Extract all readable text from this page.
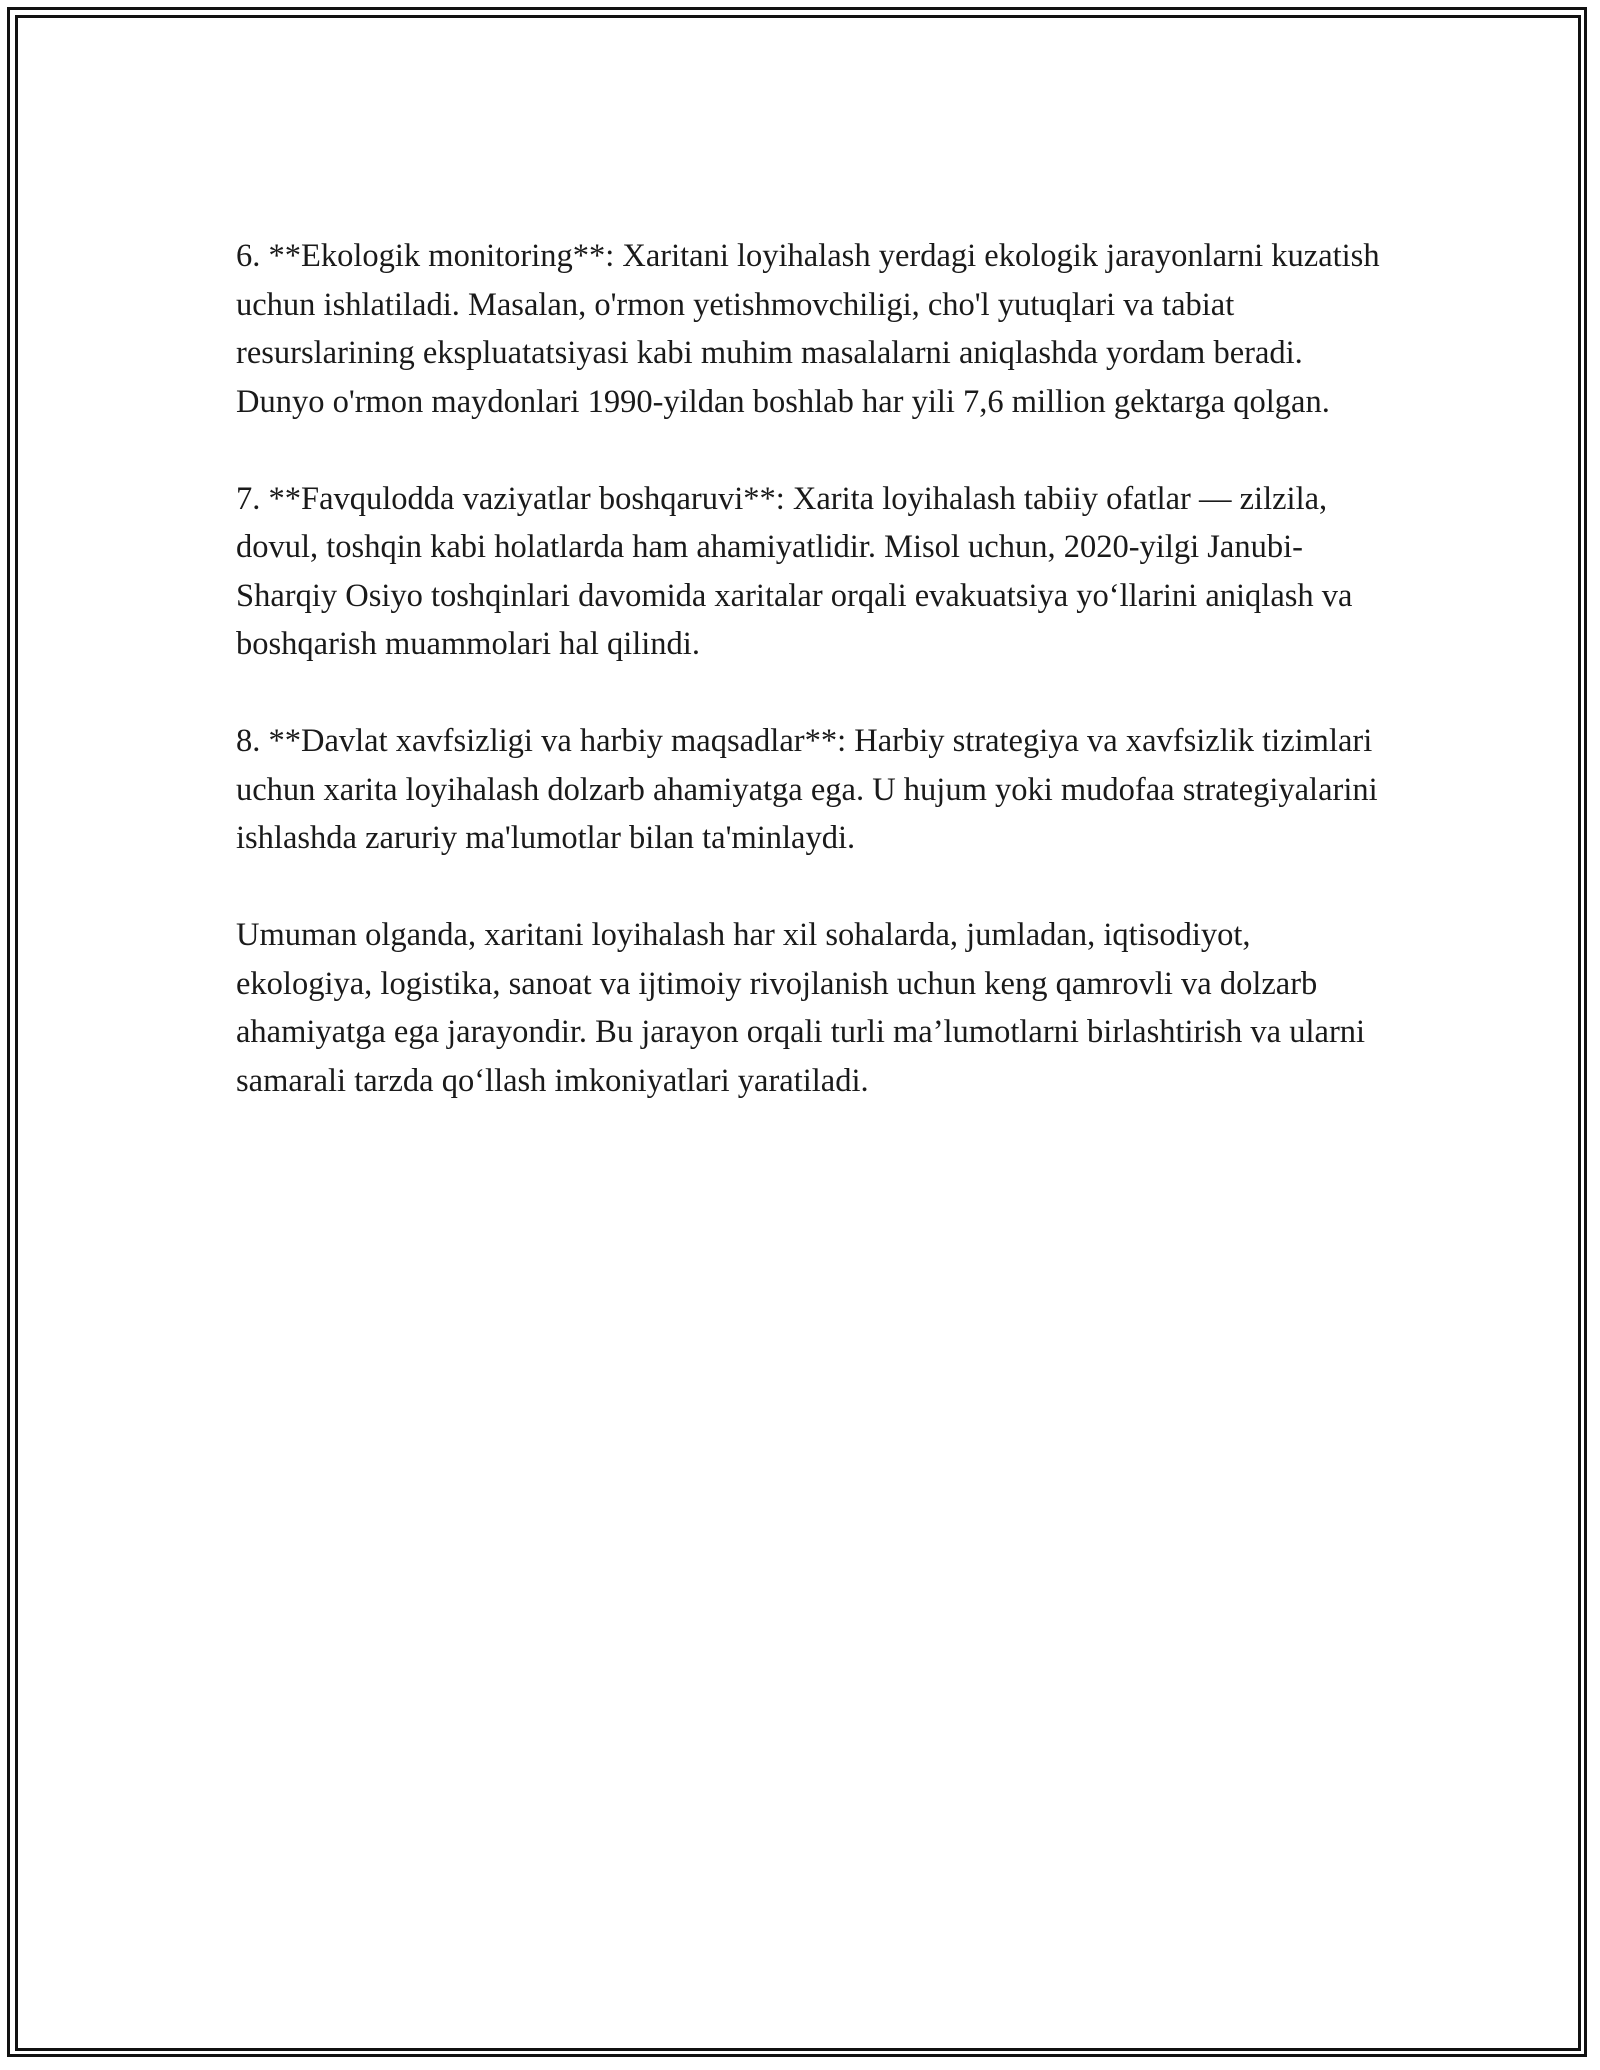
6. **Ekologik monitoring**: Xaritani loyihalash yerdagi ekologik jarayonlarni kuzatish uchun ishlatiladi. Masalan, o'rmon yetishmovchiligi, cho'l yutuqlari va tabiat resurslarining ekspluatatsiyasi kabi muhim masalalarni aniqlashda yordam beradi. Dunyo o'rmon maydonlari 1990-yildan boshlab har yili 7,6 million gektarga qolgan.

7. **Favqulodda vaziyatlar boshqaruvi**: Xarita loyihalash tabiiy ofatlar — zilzila, dovul, toshqin kabi holatlarda ham ahamiyatlidir. Misol uchun, 2020-yilgi Janubi-Sharqiy Osiyo toshqinlari davomida xaritalar orqali evakuatsiya yo‘llarini aniqlash va boshqarish muammolari hal qilindi.

8. **Davlat xavfsizligi va harbiy maqsadlar**: Harbiy strategiya va xavfsizlik tizimlari uchun xarita loyihalash dolzarb ahamiyatga ega. U hujum yoki mudofaa strategiyalarini ishlashda zaruriy ma'lumotlar bilan ta'minlaydi.

Umuman olganda, xaritani loyihalash har xil sohalarda, jumladan, iqtisodiyot, ekologiya, logistika, sanoat va ijtimoiy rivojlanish uchun keng qamrovli va dolzarb ahamiyatga ega jarayondir. Bu jarayon orqali turli ma’lumotlarni birlashtirish va ularni samarali tarzda qo‘llash imkoniyatlari yaratiladi.
